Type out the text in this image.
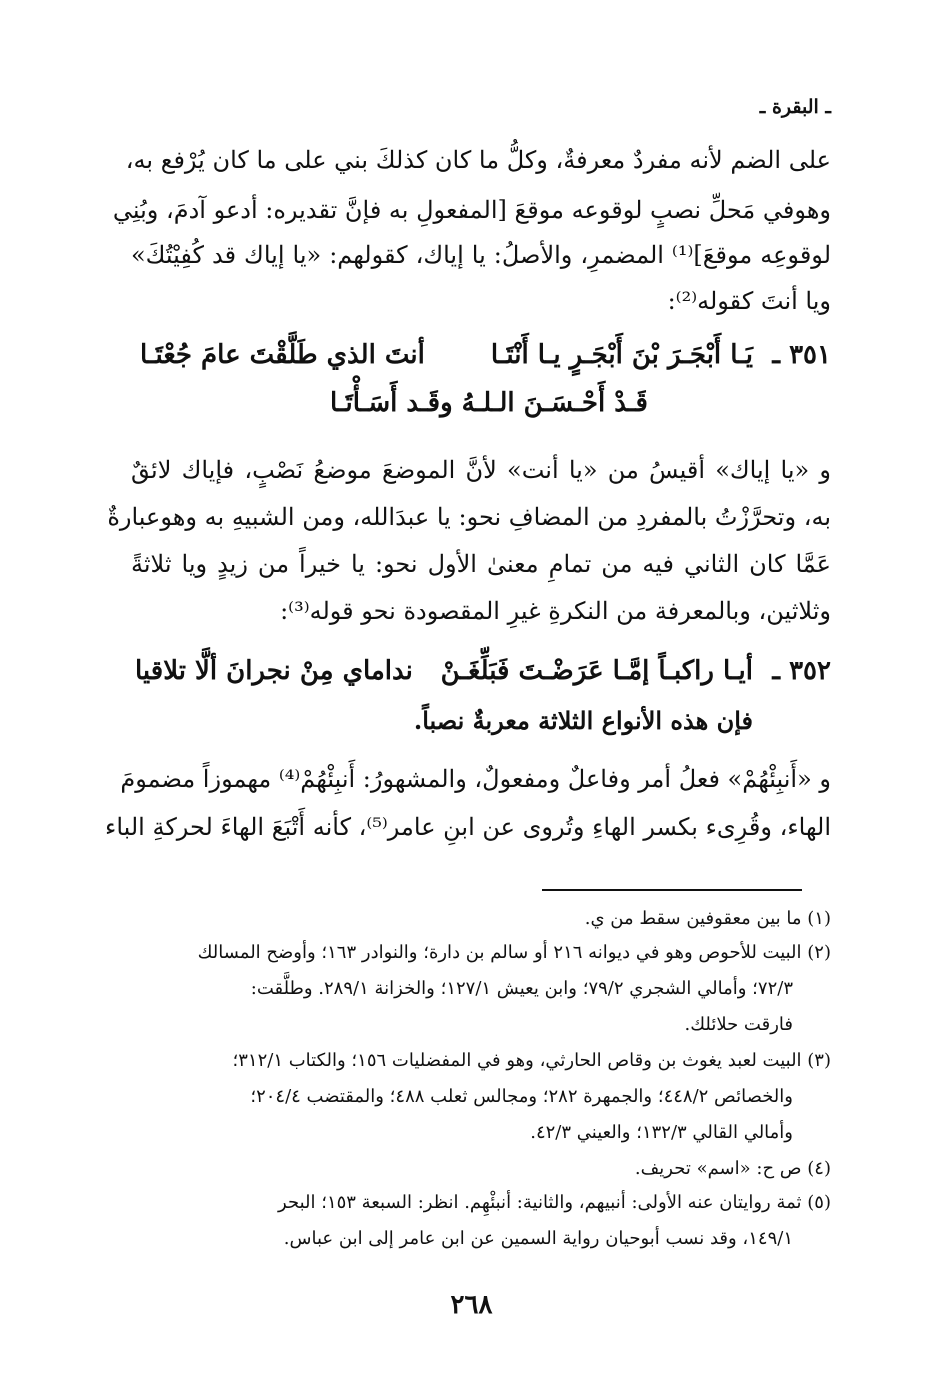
ـ البقرة ـ
على الضم لأنه مفردٌ معرفةٌ، وكلُّ ما كان كذلكَ بني على ما كان يُرْفع به،
وهوفي مَحلِّ نصبٍ لوقوعه موقعَ [المفعولِ به فإنَّ تقديره: أدعو آدمَ، وبُنِي
لوقوعِه موقعَ]⁽¹⁾ المضمرِ، والأصلُ: يا إياك، كقولهم: «يا إياك قد كُفِيْتُكَ»
ويا أنتَ كقوله⁽²⁾:
٣٥١ ـ
يَـا أَبْجَـرَ بْنَ أَبْجَـرٍ يـا أَنْتَـا
أنتَ الذي طَلَّقْتَ عامَ جُعْتَـا
قَـدْ أَحْـسَـنَ الـلـهُ وقَـد أَسَـأْتَـا
و «يا إياك» أقيسُ من «يا أنت» لأنَّ الموضعَ موضعُ نَصْبٍ، فإياك لائقٌ
به، وتحرَّزْتُ بالمفردِ من المضافِ نحو: يا عبدَالله، ومن الشبيهِ به وهوعبارةٌ
عَمَّا كان الثاني فيه من تمامِ معنىٰ الأول نحو: يا خيراً من زيدٍ ويا ثلاثةً
وثلاثين، وبالمعرفة من النكرةِ غيرِ المقصودة نحو قوله⁽³⁾:
٣٥٢ ـ
أيـا راكبـاً إمَّـا عَرَضْـتَ فَبَلِّغَـنْ
نداماي مِنْ نجرانَ ألَّا تلاقيا
فإن هذه الأنواع الثلاثة معربةٌ نصباً.
و «أَنبِئْهُمْ» فعلُ أمر وفاعلٌ ومفعولٌ، والمشهورُ: أَنبِئْهُمْ⁽⁴⁾ مهموزاً مضمومَ
الهاء، وقُرِىء بكسر الهاءِ وتُروى عن ابنِ عامر⁽⁵⁾، كأنه أَتْبَعَ الهاءَ لحركةِ الباء
(١) ما بين معقوفين سقط من ي.
(٢) البيت للأحوص وهو في ديوانه ٢١٦ أو سالم بن دارة؛ والنوادر ١٦٣؛ وأوضح المسالك
٧٢/٣؛ وأمالي الشجري ٧٩/٢؛ وابن يعيش ١٢٧/١؛ والخزانة ٢٨٩/١. وطلَّقت:
فارقت حلائلك.
(٣) البيت لعبد يغوث بن وقاص الحارثي، وهو في المفضليات ١٥٦؛ والكتاب ٣١٢/١؛
والخصائص ٤٤٨/٢؛ والجمهرة ٢٨٢؛ ومجالس ثعلب ٤٨٨؛ والمقتضب ٢٠٤/٤؛
وأمالي القالي ١٣٢/٣؛ والعيني ٤٢/٣.
(٤) ص ح: «اسم» تحريف.
(٥) ثمة روايتان عنه الأولى: أنبيهم، والثانية: أنبئْهِم. انظر: السبعة ١٥٣؛ البحر
١٤٩/١، وقد نسب أبوحيان رواية السمين عن ابن عامر إلى ابن عباس.
٢٦٨
